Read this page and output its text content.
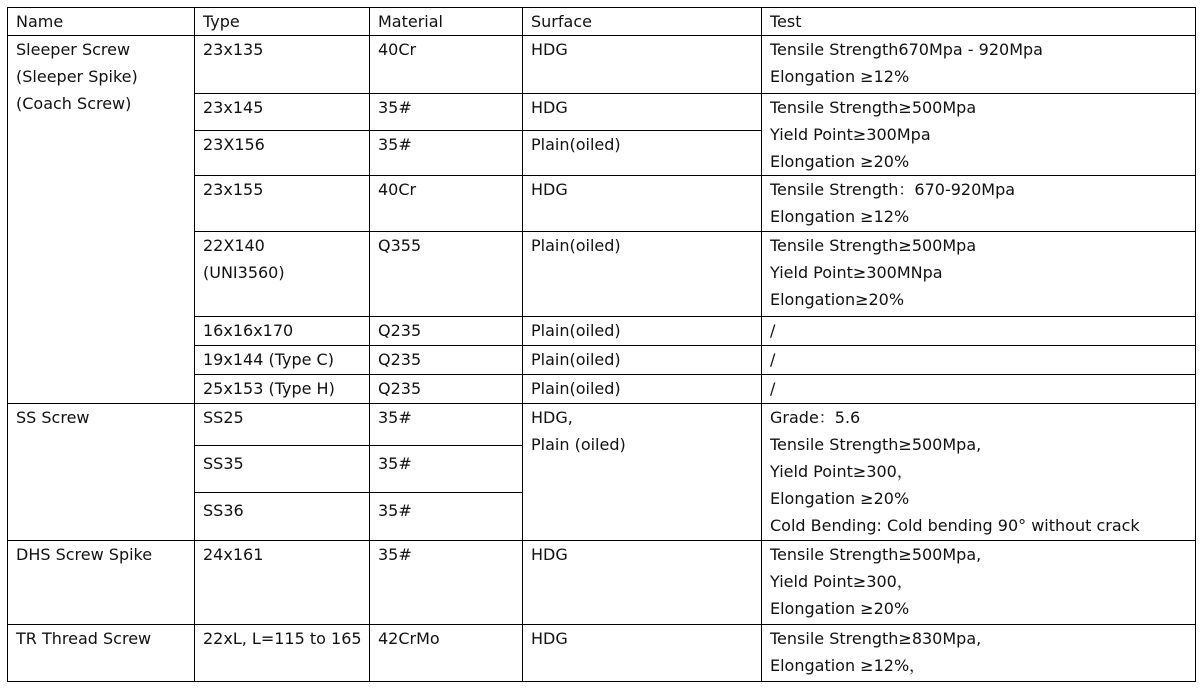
Name	Type	Material	Surface	Test

Sleeper Screw
(Sleeper Spike)
(Coach Screw)	23x135	40Cr	HDG	Tensile Strength670Mpa - 920Mpa
Elongation ≥12%

	23x145	35#	HDG	Tensile Strength≥500Mpa
Yield Point≥300Mpa
Elongation ≥20%

	23X156	35#	Plain(oiled)	

	23x155	40Cr	HDG	Tensile Strength：670-920Mpa
Elongation ≥12%

	22X140
(UNI3560)	Q355	Plain(oiled)	Tensile Strength≥500Mpa
Yield Point≥300MNpa
Elongation≥20%

	16x16x170	Q235	Plain(oiled)	/

	19x144 (Type C)	Q235	Plain(oiled)	/

	25x153 (Type H)	Q235	Plain(oiled)	/

SS Screw	SS25	35#	HDG,
Plain (oiled)	Grade：5.6
Tensile Strength≥500Mpa,
Yield Point≥300，
Elongation ≥20%
Cold Bending: Cold bending 90° without crack

	SS35	35#		

	SS36	35#		

DHS Screw Spike	24x161	35#	HDG	Tensile Strength≥500Mpa,
Yield Point≥300，
Elongation ≥20%

TR Thread Screw	22xL, L=115 to 165	42CrMo	HDG	Tensile Strength≥830Mpa,
Elongation ≥12%，
